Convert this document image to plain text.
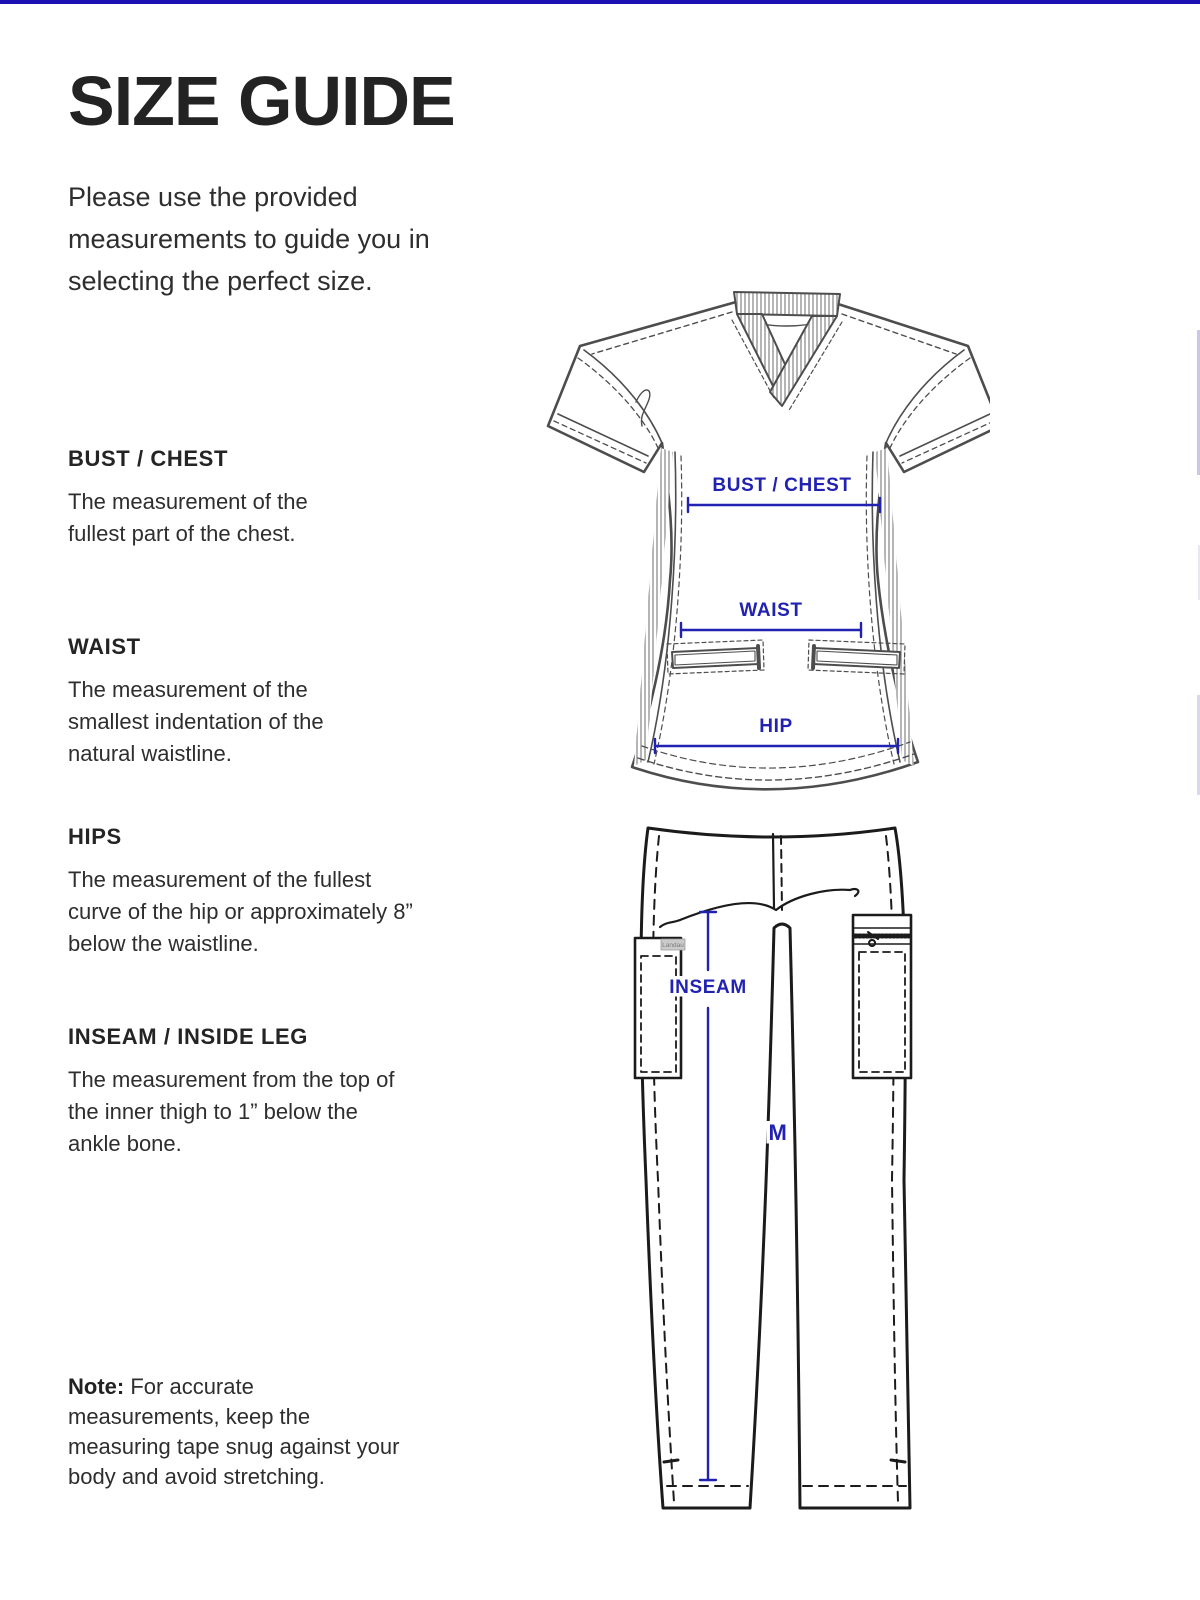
SIZE GUIDE

Please use the provided measurements to guide you in selecting the perfect size.

BUST / CHEST

The measurement of the fullest part of the chest.

WAIST

The measurement of the smallest indentation of the natural waistline.

HIPS

The measurement of the fullest curve of the hip or approximately 8” below the waistline.

INSEAM / INSIDE LEG

The measurement from the top of the inner thigh to 1” below the ankle bone.

Note: For accurate measurements, keep the measuring tape snug against your body and avoid stretching.
BUST / CHEST
WAIST
HIP
INSEAM
M
Landau
